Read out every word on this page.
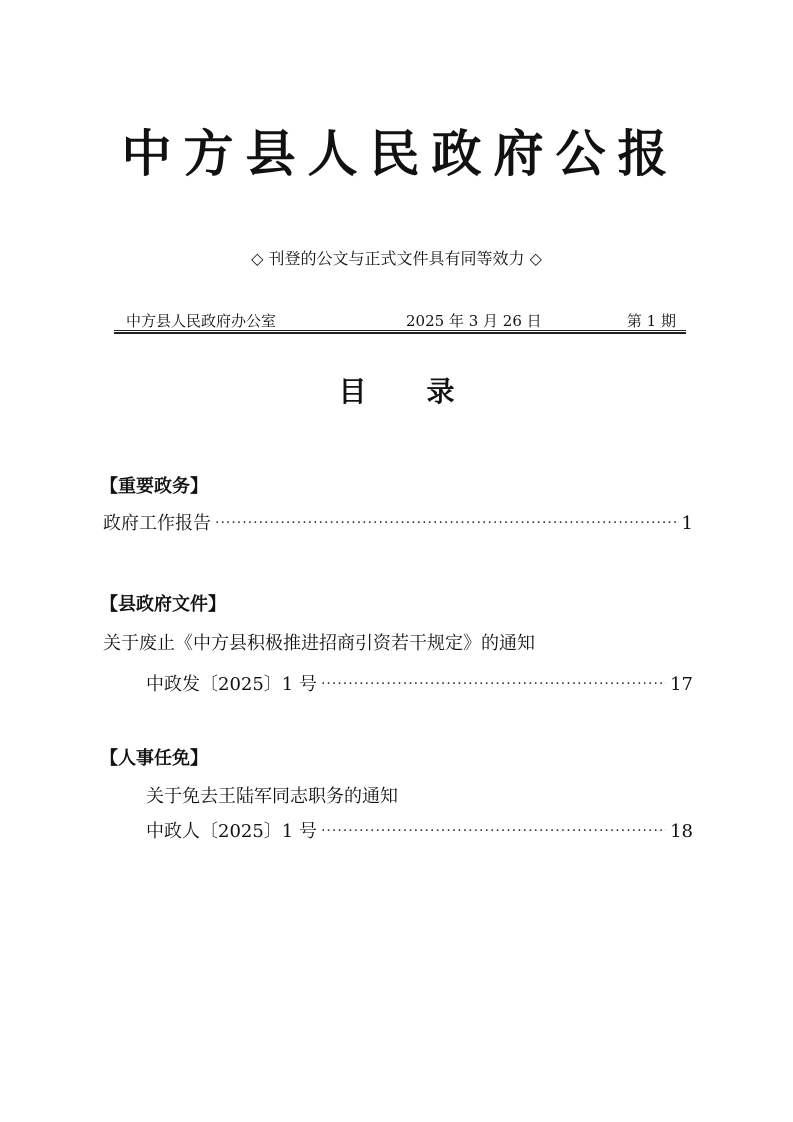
中方县人民政府公报
◇ 刊登的公文与正式文件具有同等效力 ◇
中方县人民政府办公室	2025 年 3 月 26 日	第 1 期
目 录
【重要政务】
政府工作报告 ·····	1
【县政府文件】
关于废止《中方县积极推进招商引资若干规定》的通知
中政发〔2025〕1 号 ·····	17
【人事任免】
关于免去王陆军同志职务的通知
中政人〔2025〕1 号 ·····	18
